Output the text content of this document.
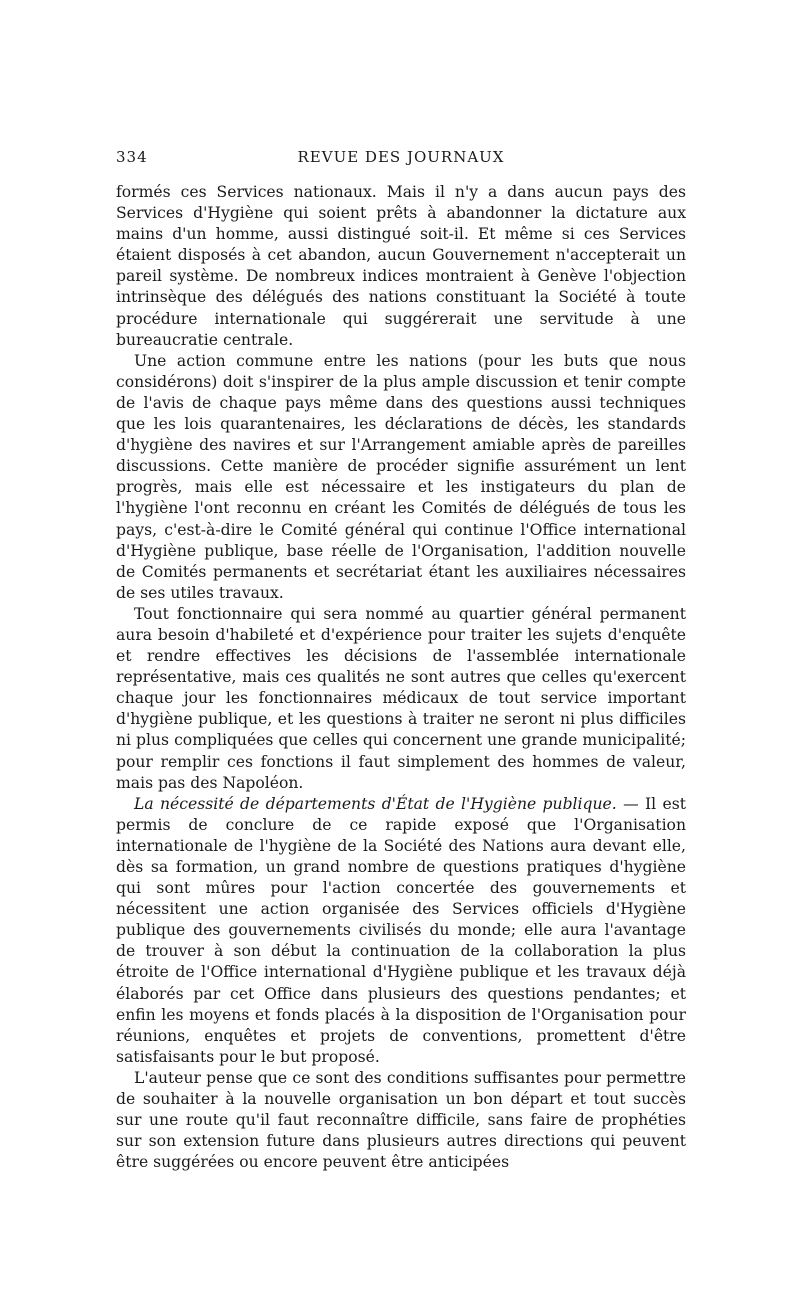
334	REVUE DES JOURNAUX

formés ces Services nationaux. Mais il n'y a dans aucun pays des Services d'Hygiène qui soient prêts à abandonner la dictature aux mains d'un homme, aussi distingué soit-il. Et même si ces Services étaient disposés à cet abandon, aucun Gouvernement n'accepterait un pareil système. De nombreux indices montraient à Genève l'objection intrinsèque des délégués des nations constituant la Société à toute procédure internationale qui suggérerait une servitude à une bureaucratie centrale.

Une action commune entre les nations (pour les buts que nous considérons) doit s'inspirer de la plus ample discussion et tenir compte de l'avis de chaque pays même dans des questions aussi techniques que les lois quarantenaires, les déclarations de décès, les standards d'hygiène des navires et sur l'Arrangement amiable après de pareilles discussions. Cette manière de procéder signifie assurément un lent progrès, mais elle est nécessaire et les instigateurs du plan de l'hygiène l'ont reconnu en créant les Comités de délégués de tous les pays, c'est-à-dire le Comité général qui continue l'Office international d'Hygiène publique, base réelle de l'Organisation, l'addition nouvelle de Comités permanents et secrétariat étant les auxiliaires nécessaires de ses utiles travaux.

Tout fonctionnaire qui sera nommé au quartier général permanent aura besoin d'habileté et d'expérience pour traiter les sujets d'enquête et rendre effectives les décisions de l'assemblée internationale représentative, mais ces qualités ne sont autres que celles qu'exercent chaque jour les fonctionnaires médicaux de tout service important d'hygiène publique, et les questions à traiter ne seront ni plus difficiles ni plus compliquées que celles qui concernent une grande municipalité; pour remplir ces fonctions il faut simplement des hommes de valeur, mais pas des Napoléon.

La nécessité de départements d'État de l'Hygiène publique. — Il est permis de conclure de ce rapide exposé que l'Organisation internationale de l'hygiène de la Société des Nations aura devant elle, dès sa formation, un grand nombre de questions pratiques d'hygiène qui sont mûres pour l'action concertée des gouvernements et nécessitent une action organisée des Services officiels d'Hygiène publique des gouvernements civilisés du monde; elle aura l'avantage de trouver à son début la continuation de la collaboration la plus étroite de l'Office international d'Hygiène publique et les travaux déjà élaborés par cet Office dans plusieurs des questions pendantes; et enfin les moyens et fonds placés à la disposition de l'Organisation pour réunions, enquêtes et projets de conventions, promettent d'être satisfaisants pour le but proposé.

L'auteur pense que ce sont des conditions suffisantes pour permettre de souhaiter à la nouvelle organisation un bon départ et tout succès sur une route qu'il faut reconnaître difficile, sans faire de prophéties sur son extension future dans plusieurs autres directions qui peuvent être suggérées ou encore peuvent être anticipées
